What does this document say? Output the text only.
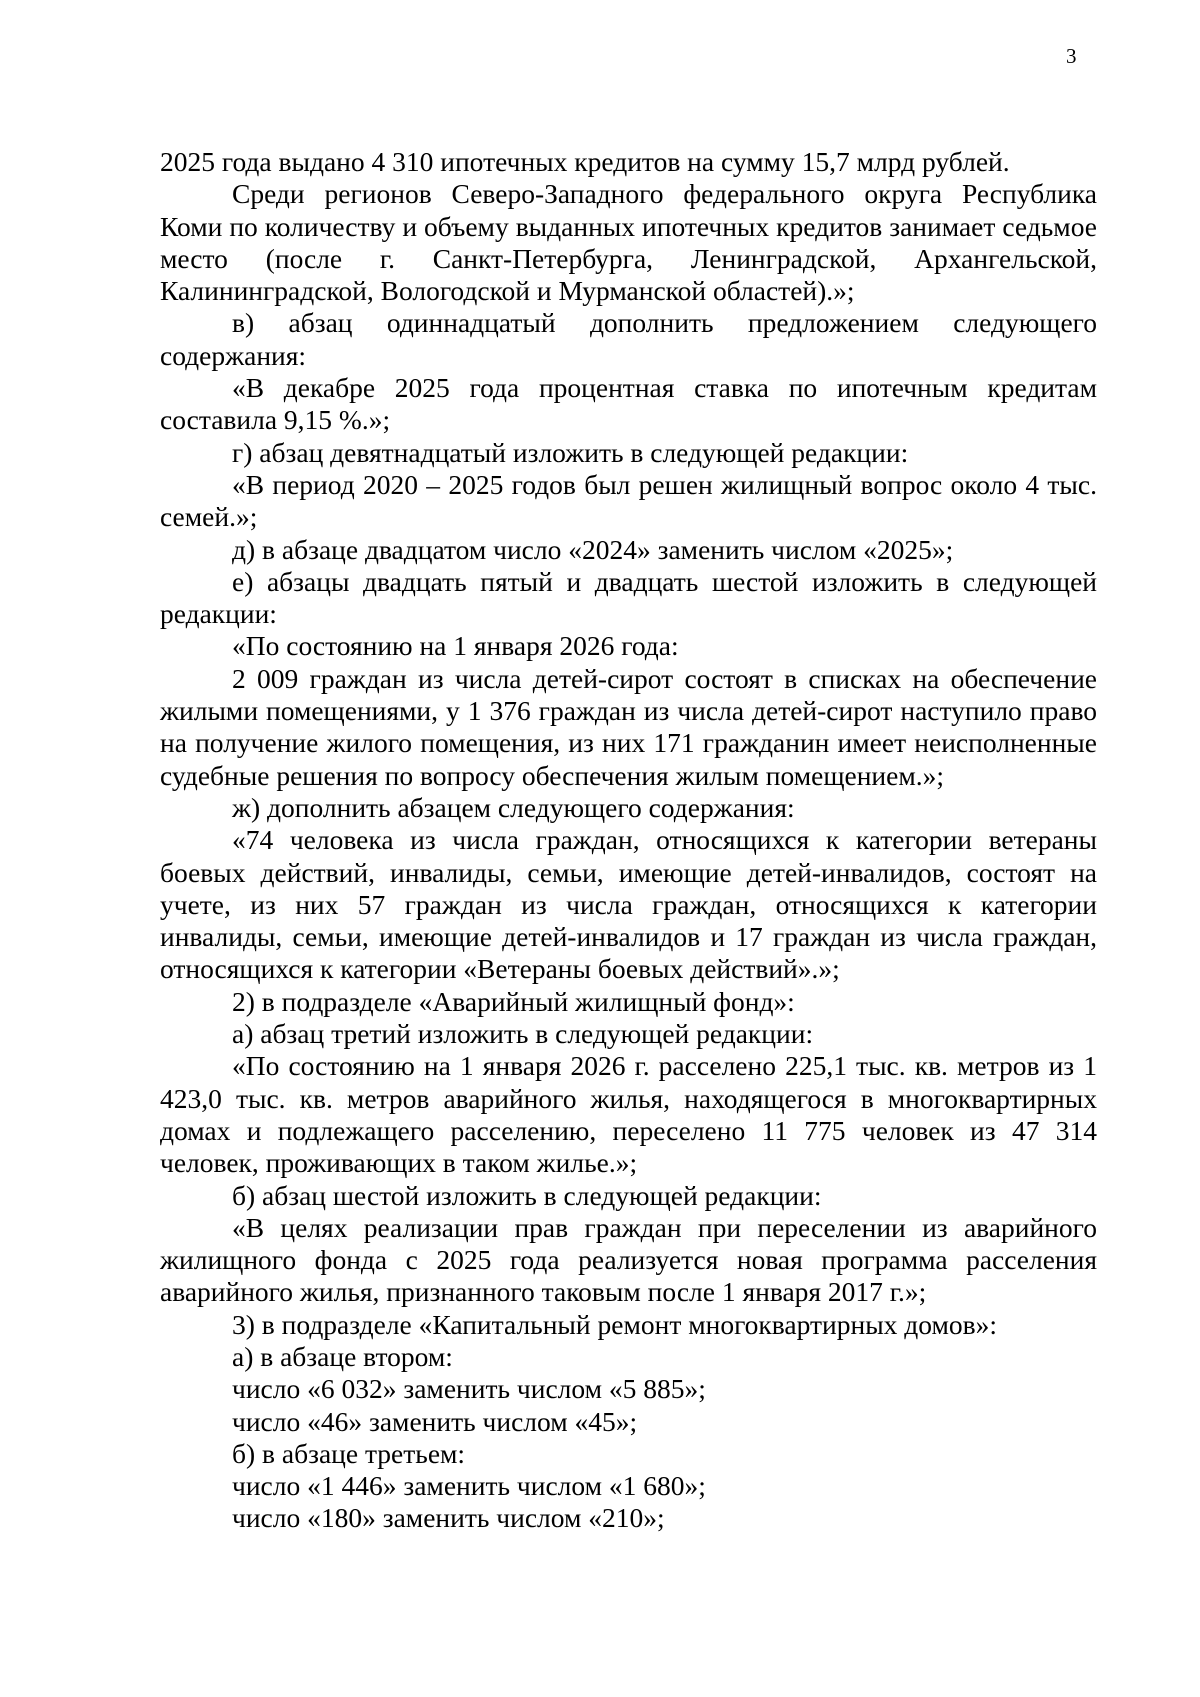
3

2025 года выдано 4 310 ипотечных кредитов на сумму 15,7 млрд рублей.

Среди регионов Северо-Западного федерального округа Республика Коми по количеству и объему выданных ипотечных кредитов занимает седьмое место (после г. Санкт-Петербурга, Ленинградской, Архангельской, Калининградской, Вологодской и Мурманской областей).»;

в) абзац одиннадцатый дополнить предложением следующего содержания:

«В декабре 2025 года процентная ставка по ипотечным кредитам составила 9,15 %.»;

г) абзац девятнадцатый изложить в следующей редакции:

«В период 2020 – 2025 годов был решен жилищный вопрос около 4 тыс. семей.»;

д) в абзаце двадцатом число «2024» заменить числом «2025»;

е) абзацы двадцать пятый и двадцать шестой изложить в следующей редакции:

«По состоянию на 1 января 2026 года:

2 009 граждан из числа детей-сирот состоят в списках на обеспечение жилыми помещениями, у 1 376 граждан из числа детей-сирот наступило право на получение жилого помещения, из них 171 гражданин имеет неисполненные судебные решения по вопросу обеспечения жилым помещением.»;

ж) дополнить абзацем следующего содержания:

«74 человека из числа граждан, относящихся к категории ветераны боевых действий, инвалиды, семьи, имеющие детей-инвалидов, состоят на учете, из них 57 граждан из числа граждан, относящихся к категории инвалиды, семьи, имеющие детей-инвалидов и 17 граждан из числа граждан, относящихся к категории «Ветераны боевых действий».»;

2) в подразделе «Аварийный жилищный фонд»:

а) абзац третий изложить в следующей редакции:

«По состоянию на 1 января 2026 г. расселено 225,1 тыс. кв. метров из 1 423,0 тыс. кв. метров аварийного жилья, находящегося в многоквартирных домах и подлежащего расселению, переселено 11 775 человек из 47 314 человек, проживающих в таком жилье.»;

б) абзац шестой изложить в следующей редакции:

«В целях реализации прав граждан при переселении из аварийного жилищного фонда с 2025 года реализуется новая программа расселения аварийного жилья, признанного таковым после 1 января 2017 г.»;

3) в подразделе «Капитальный ремонт многоквартирных домов»:

а) в абзаце втором:

число «6 032» заменить числом «5 885»;

число «46» заменить числом «45»;

б) в абзаце третьем:

число «1 446» заменить числом «1 680»;

число «180» заменить числом «210»;
